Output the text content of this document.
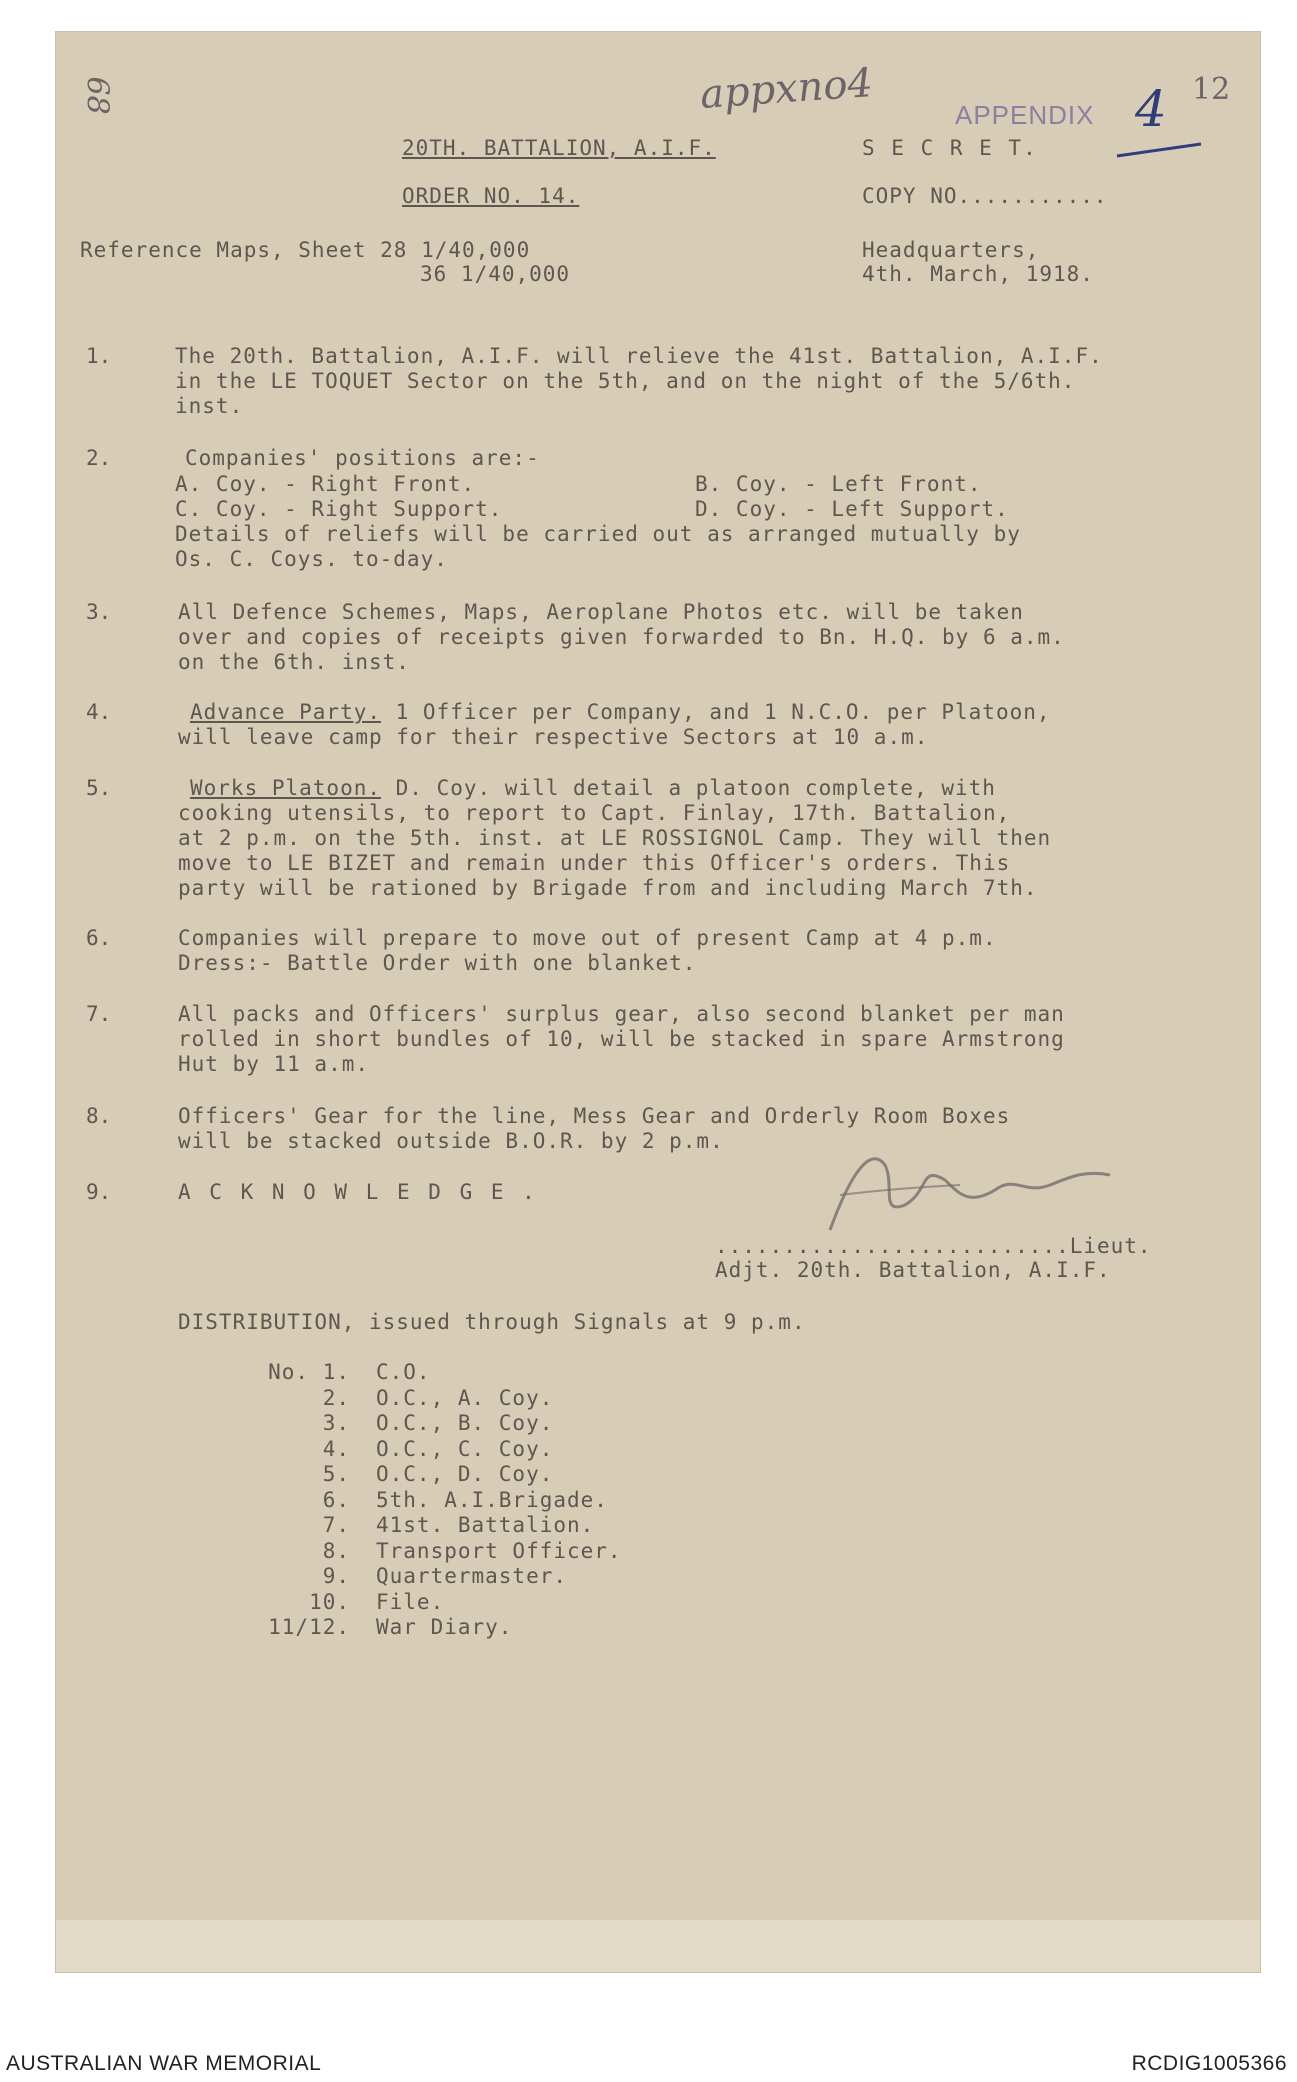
68	appxno4	APPENDIX 4 12
20TH. BATTALION, A.I.F.	S E C R E T.
ORDER NO. 14.	COPY NO...........
Reference Maps, Sheet 28 1/40,000
36 1/40,000
Headquarters,
4th. March, 1918.
1.	The 20th. Battalion, A.I.F. will relieve the 41st. Battalion, A.I.F.
in the LE TOQUET Sector on the 5th, and on the night of the 5/6th.
inst.
2.	Companies' positions are:-
A. Coy. - Right Front.	B. Coy. - Left Front.
C. Coy. - Right Support.	D. Coy. - Left Support.
Details of reliefs will be carried out as arranged mutually by
Os. C. Coys. to-day.
3.	All Defence Schemes, Maps, Aeroplane Photos etc. will be taken
over and copies of receipts given forwarded to Bn. H.Q. by 6 a.m.
on the 6th. inst.
4.	Advance Party. 1 Officer per Company, and 1 N.C.O. per Platoon,
will leave camp for their respective Sectors at 10 a.m.
5.	Works Platoon. D. Coy. will detail a platoon complete, with
cooking utensils, to report to Capt. Finlay, 17th. Battalion,
at 2 p.m. on the 5th. inst. at LE ROSSIGNOL Camp. They will then
move to LE BIZET and remain under this Officer's orders. This
party will be rationed by Brigade from and including March 7th.
6.	Companies will prepare to move out of present Camp at 4 p.m.
Dress:- Battle Order with one blanket.
7.	All packs and Officers' surplus gear, also second blanket per man
rolled in short bundles of 10, will be stacked in spare Armstrong
Hut by 11 a.m.
8.	Officers' Gear for the line, Mess Gear and Orderly Room Boxes
will be stacked outside B.O.R. by 2 p.m.
9.	A C K N O W L E D G E .
..........................Lieut.
Adjt. 20th. Battalion, A.I.F.
DISTRIBUTION, issued through Signals at 9 p.m.
No. 1. C.O.
2. O.C., A. Coy.
3. O.C., B. Coy.
4. O.C., C. Coy.
5. O.C., D. Coy.
6. 5th. A.I.Brigade.
7. 41st. Battalion.
8. Transport Officer.
9. Quartermaster.
10. File.
11/12. War Diary.
AUSTRALIAN WAR MEMORIAL	RCDIG1005366
